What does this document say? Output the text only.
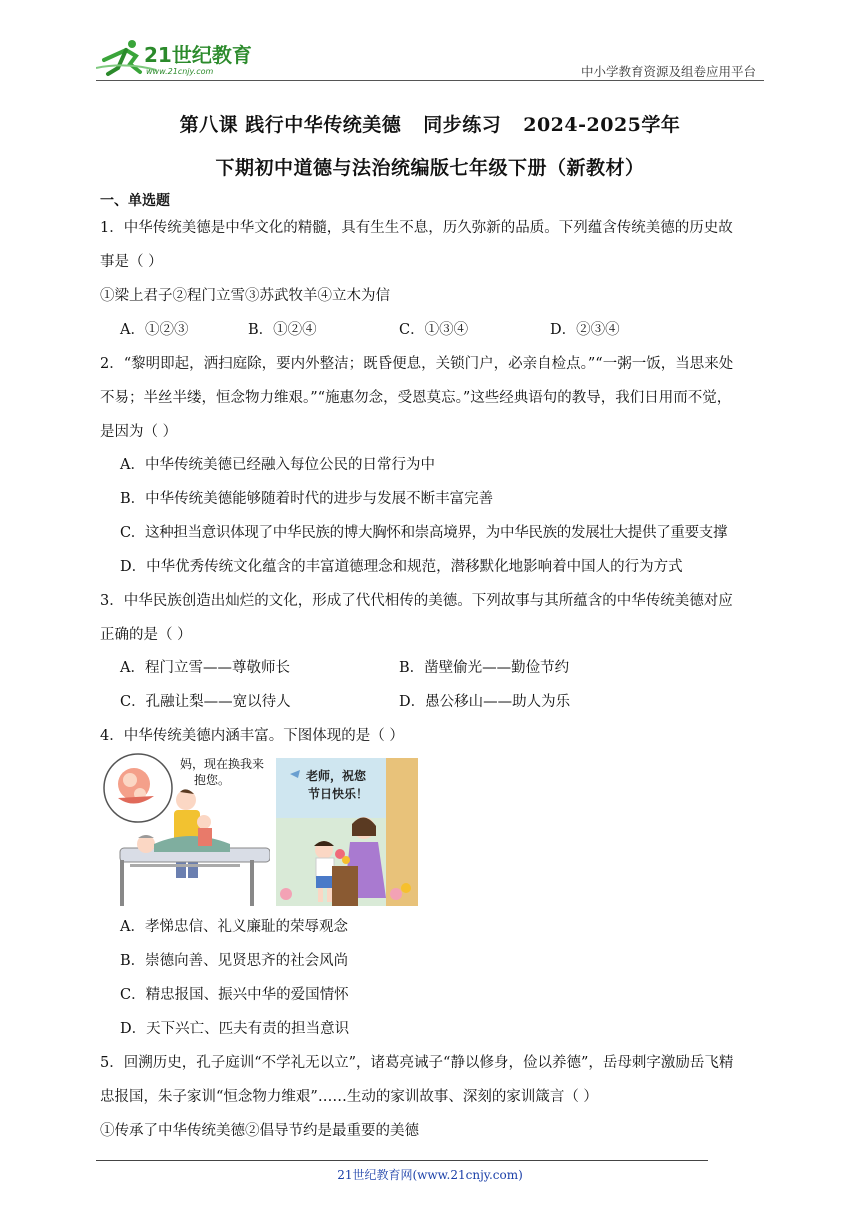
21世纪教育
www.21cnjy.com	中小学教育资源及组卷应用平台
第八课 践行中华传统美德 同步练习 2024-2025学年
下期初中道德与法治统编版七年级下册（新教材）
一、单选题
1．中华传统美德是中华文化的精髓，具有生生不息，历久弥新的品质。下列蕴含传统美德的历史故
事是（ ）
①梁上君子②程门立雪③苏武牧羊④立木为信
A．①②③	B．①②④	C．①③④	D．②③④
2．“黎明即起，洒扫庭除，要内外整洁；既昏便息，关锁门户，必亲自检点。”“一粥一饭，当思来处
不易；半丝半缕，恒念物力维艰。”“施惠勿念，受恩莫忘。”这些经典语句的教导，我们日用而不觉，
是因为（ ）
A．中华传统美德已经融入每位公民的日常行为中
B．中华传统美德能够随着时代的进步与发展不断丰富完善
C．这种担当意识体现了中华民族的博大胸怀和崇高境界，为中华民族的发展壮大提供了重要支撑
D．中华优秀传统文化蕴含的丰富道德理念和规范，潜移默化地影响着中国人的行为方式
3．中华民族创造出灿烂的文化，形成了代代相传的美德。下列故事与其所蕴含的中华传统美德对应
正确的是（ ）
A．程门立雪——尊敬师长	B．凿壁偷光——勤俭节约
C．孔融让梨——宽以待人	D．愚公移山——助人为乐
4．中华传统美德内涵丰富。下图体现的是（ ）
妈，现在换我来
抱您。	老师，祝您
节日快乐！
A．孝悌忠信、礼义廉耻的荣辱观念
B．崇德向善、见贤思齐的社会风尚
C．精忠报国、振兴中华的爱国情怀
D．天下兴亡、匹夫有责的担当意识
5．回溯历史，孔子庭训“不学礼无以立”，诸葛亮诫子“静以修身，俭以养德”，岳母刺字激励岳飞精
忠报国，朱子家训“恒念物力维艰”……生动的家训故事、深刻的家训箴言（ ）
①传承了中华传统美德②倡导节约是最重要的美德
21世纪教育网(www.21cnjy.com)
